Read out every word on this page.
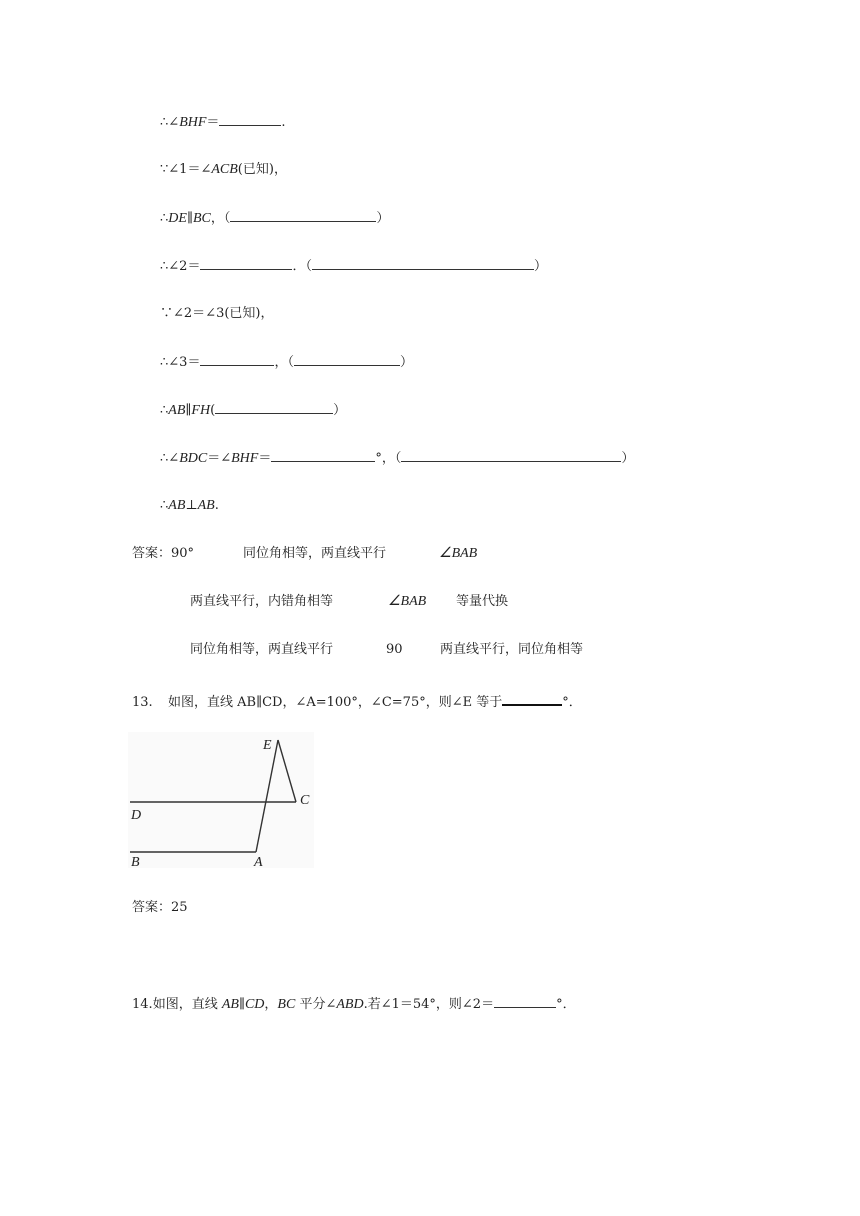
∴∠BHF＝	.
∵∠1＝∠ACB(已知)，
∴DE∥BC，（	）
∴∠2＝	．（	）
∵∠2＝∠3(已知)，
∴∠3＝	，（	）
∴AB∥FH(	）
∴∠BDC＝∠BHF＝	°，（	）
∴AB⊥AB.
答案：90°	同位角相等，两直线平行	∠BAB
两直线平行，内错角相等	∠BAB 等量代换
同位角相等，两直线平行	90	两直线平行，同位角相等
13. 如图，直线 AB∥CD，∠A=100°，∠C=75°，则∠E 等于	°．
E
C
D
B	A
答案：25
14.如图，直线 AB∥CD，BC 平分∠ABD.若∠1＝54°，则∠2＝	°．
